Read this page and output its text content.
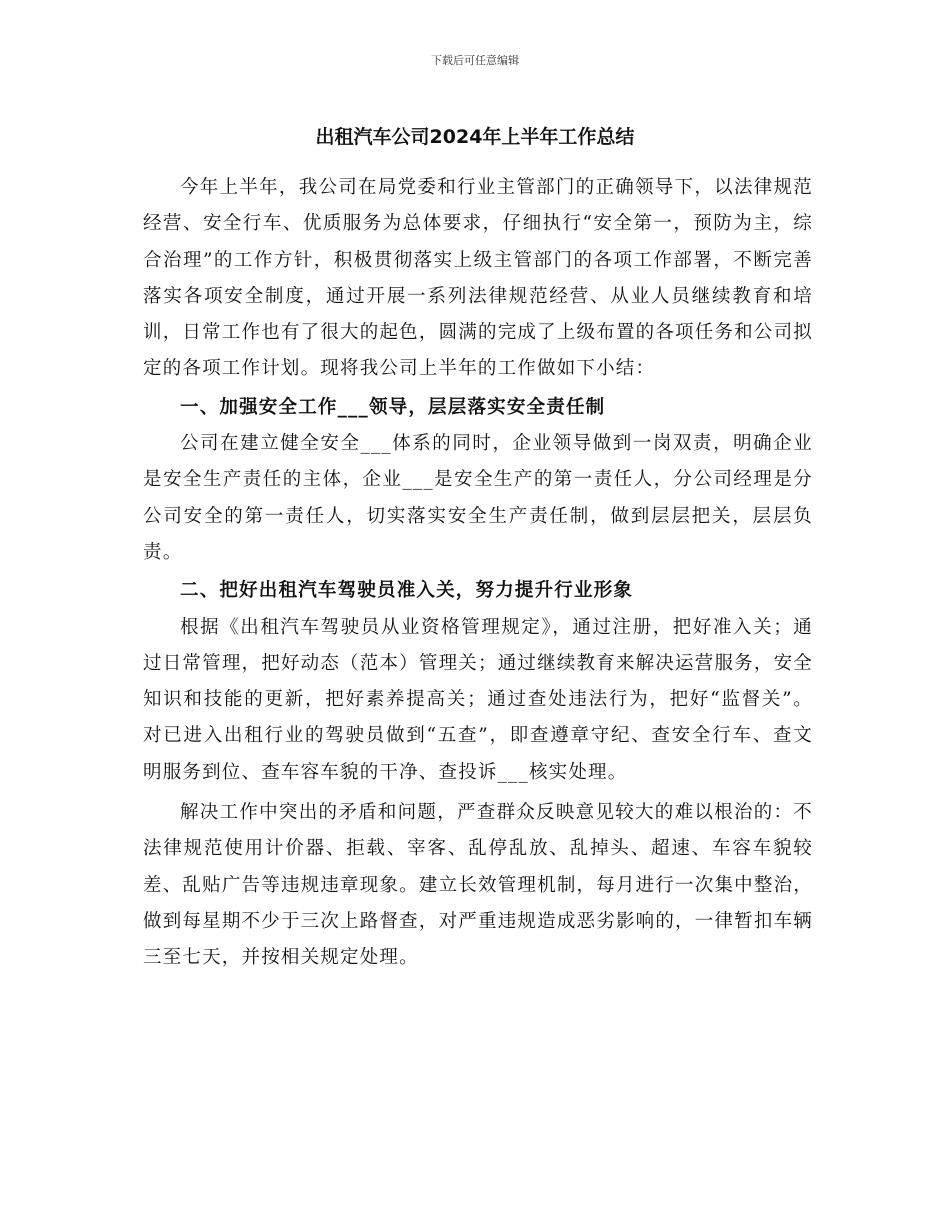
下载后可任意编辑
出租汽车公司2024年上半年工作总结

今年上半年，我公司在局党委和行业主管部门的正确领导下，以法律规范经营、安全行车、优质服务为总体要求，仔细执行“安全第一，预防为主，综合治理”的工作方针，积极贯彻落实上级主管部门的各项工作部署，不断完善落实各项安全制度，通过开展一系列法律规范经营、从业人员继续教育和培训，日常工作也有了很大的起色，圆满的完成了上级布置的各项任务和公司拟定的各项工作计划。现将我公司上半年的工作做如下小结：

一、加强安全工作___领导，层层落实安全责任制

公司在建立健全安全___体系的同时，企业领导做到一岗双责，明确企业是安全生产责任的主体，企业___是安全生产的第一责任人，分公司经理是分公司安全的第一责任人，切实落实安全生产责任制，做到层层把关，层层负责。

二、把好出租汽车驾驶员准入关，努力提升行业形象

根据《出租汽车驾驶员从业资格管理规定》，通过注册，把好准入关；通过日常管理，把好动态（范本）管理关；通过继续教育来解决运营服务，安全知识和技能的更新，把好素养提高关；通过查处违法行为，把好“监督关”。对已进入出租行业的驾驶员做到“五查”，即查遵章守纪、查安全行车、查文明服务到位、查车容车貌的干净、查投诉___核实处理。

解决工作中突出的矛盾和问题，严查群众反映意见较大的难以根治的：不法律规范使用计价器、拒载、宰客、乱停乱放、乱掉头、超速、车容车貌较差、乱贴广告等违规违章现象。建立长效管理机制，每月进行一次集中整治，做到每星期不少于三次上路督查，对严重违规造成恶劣影响的，一律暂扣车辆三至七天，并按相关规定处理。
